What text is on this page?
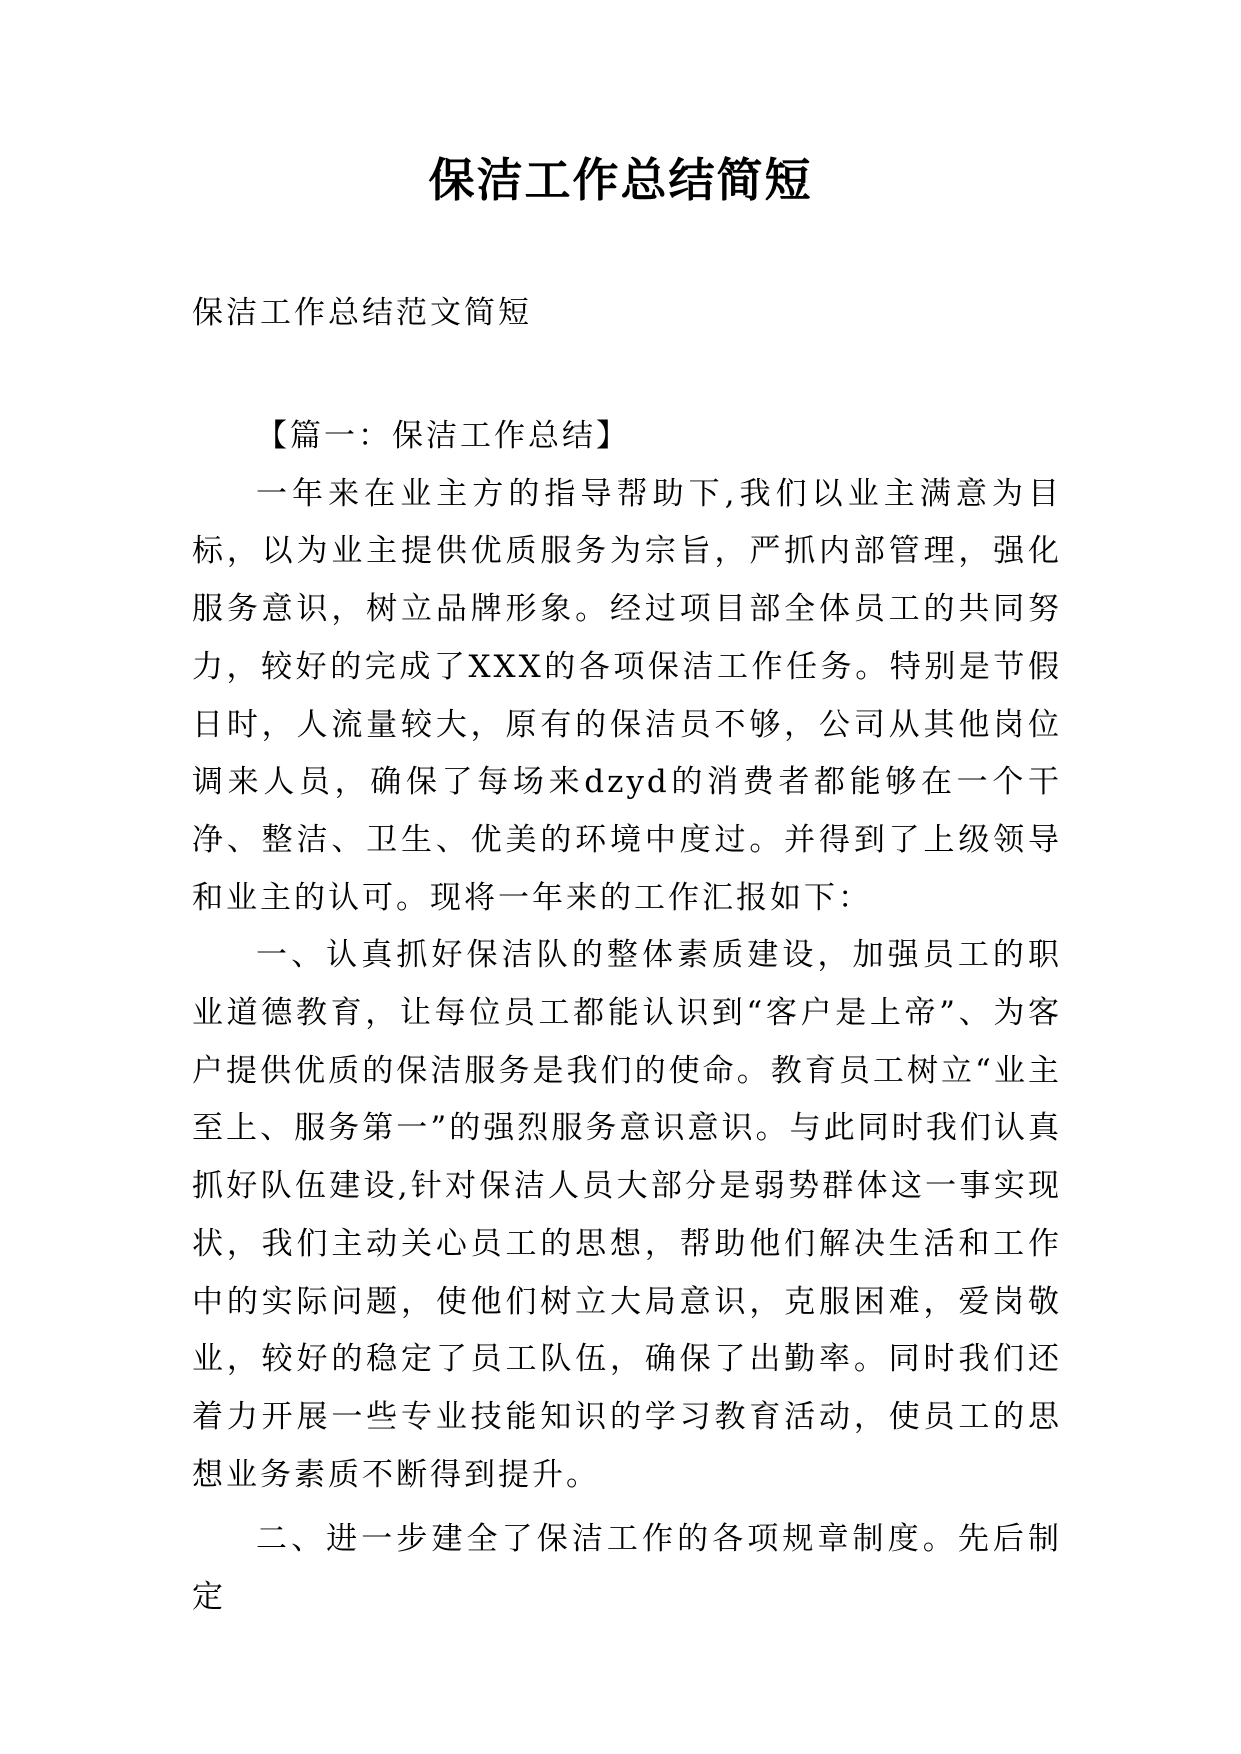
保洁工作总结简短

保洁工作总结范文简短

【篇一：保洁工作总结】

一年来在业主方的指导帮助下,我们以业主满意为目标，以为业主提供优质服务为宗旨，严抓内部管理，强化服务意识，树立品牌形象。经过项目部全体员工的共同努力，较好的完成了XXX的各项保洁工作任务。特别是节假日时，人流量较大，原有的保洁员不够，公司从其他岗位调来人员，确保了每场来dzyd的消费者都能够在一个干净、整洁、卫生、优美的环境中度过。并得到了上级领导和业主的认可。现将一年来的工作汇报如下：

一、认真抓好保洁队的整体素质建设，加强员工的职业道德教育，让每位员工都能认识到“客户是上帝”、为客户提供优质的保洁服务是我们的使命。教育员工树立“业主至上、服务第一”的强烈服务意识意识。与此同时我们认真抓好队伍建设,针对保洁人员大部分是弱势群体这一事实现状，我们主动关心员工的思想，帮助他们解决生活和工作中的实际问题，使他们树立大局意识，克服困难，爱岗敬业，较好的稳定了员工队伍，确保了出勤率。同时我们还着力开展一些专业技能知识的学习教育活动，使员工的思想业务素质不断得到提升。

二、进一步建全了保洁工作的各项规章制度。先后制定
